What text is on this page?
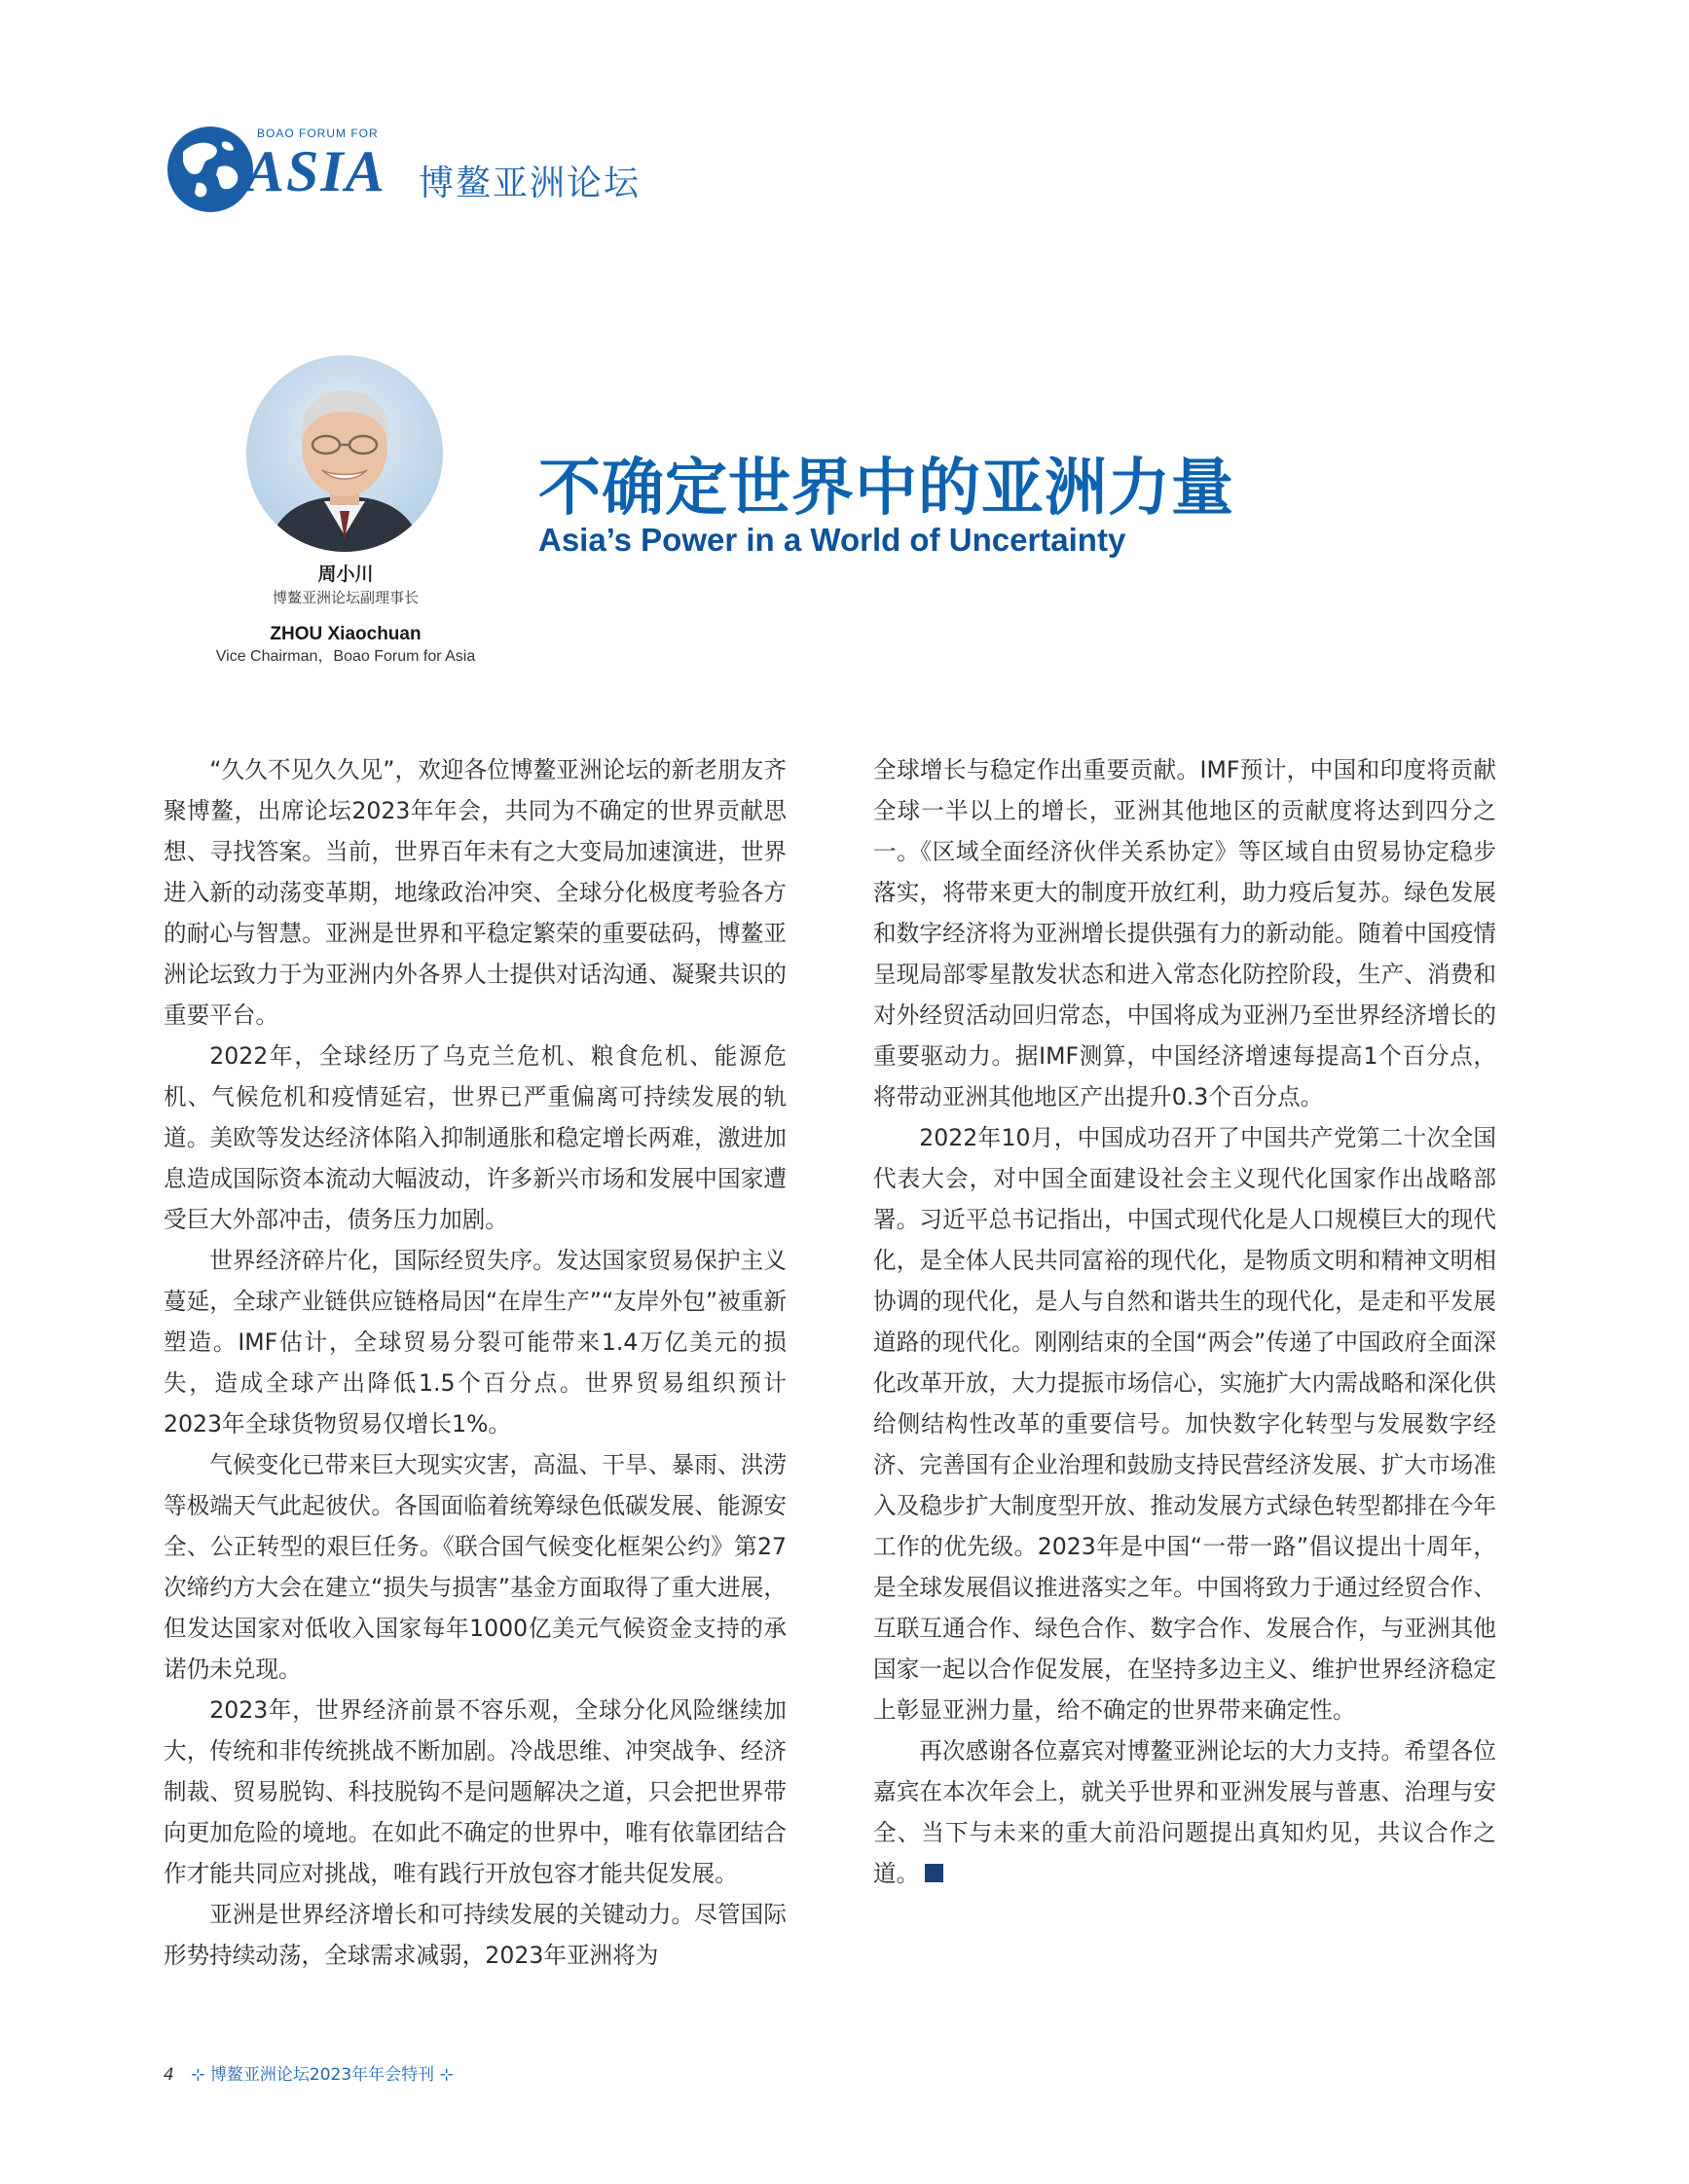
BOAO FORUM FOR
ASIA 博鳌亚洲论坛
周小川
博鳌亚洲论坛副理事长
ZHOU Xiaochuan
Vice Chairman，Boao Forum for Asia
不确定世界中的亚洲力量
Asia’s Power in a World of Uncertainty

“久久不见久久见”，欢迎各位博鳌亚洲论坛的新老朋友齐聚博鳌，出席论坛2023年年会，共同为不确定的世界贡献思想、寻找答案。当前，世界百年未有之大变局加速演进，世界进入新的动荡变革期，地缘政治冲突、全球分化极度考验各方的耐心与智慧。亚洲是世界和平稳定繁荣的重要砝码，博鳌亚洲论坛致力于为亚洲内外各界人士提供对话沟通、凝聚共识的重要平台。

2022年，全球经历了乌克兰危机、粮食危机、能源危机、气候危机和疫情延宕，世界已严重偏离可持续发展的轨道。美欧等发达经济体陷入抑制通胀和稳定增长两难，激进加息造成国际资本流动大幅波动，许多新兴市场和发展中国家遭受巨大外部冲击，债务压力加剧。

世界经济碎片化，国际经贸失序。发达国家贸易保护主义蔓延，全球产业链供应链格局因“在岸生产”“友岸外包”被重新塑造。IMF估计，全球贸易分裂可能带来1.4万亿美元的损失，造成全球产出降低1.5个百分点。世界贸易组织预计2023年全球货物贸易仅增长1%。

气候变化已带来巨大现实灾害，高温、干旱、暴雨、洪涝等极端天气此起彼伏。各国面临着统筹绿色低碳发展、能源安全、公正转型的艰巨任务。《联合国气候变化框架公约》第27次缔约方大会在建立“损失与损害”基金方面取得了重大进展，但发达国家对低收入国家每年1000亿美元气候资金支持的承诺仍未兑现。

2023年，世界经济前景不容乐观，全球分化风险继续加大，传统和非传统挑战不断加剧。冷战思维、冲突战争、经济制裁、贸易脱钩、科技脱钩不是问题解决之道，只会把世界带向更加危险的境地。在如此不确定的世界中，唯有依靠团结合作才能共同应对挑战，唯有践行开放包容才能共促发展。

亚洲是世界经济增长和可持续发展的关键动力。尽管国际形势持续动荡，全球需求减弱，2023年亚洲将为

全球增长与稳定作出重要贡献。IMF预计，中国和印度将贡献全球一半以上的增长，亚洲其他地区的贡献度将达到四分之一。《区域全面经济伙伴关系协定》等区域自由贸易协定稳步落实，将带来更大的制度开放红利，助力疫后复苏。绿色发展和数字经济将为亚洲增长提供强有力的新动能。随着中国疫情呈现局部零星散发状态和进入常态化防控阶段，生产、消费和对外经贸活动回归常态，中国将成为亚洲乃至世界经济增长的重要驱动力。据IMF测算，中国经济增速每提高1个百分点，将带动亚洲其他地区产出提升0.3个百分点。

2022年10月，中国成功召开了中国共产党第二十次全国代表大会，对中国全面建设社会主义现代化国家作出战略部署。习近平总书记指出，中国式现代化是人口规模巨大的现代化，是全体人民共同富裕的现代化，是物质文明和精神文明相协调的现代化，是人与自然和谐共生的现代化，是走和平发展道路的现代化。刚刚结束的全国“两会”传递了中国政府全面深化改革开放，大力提振市场信心，实施扩大内需战略和深化供给侧结构性改革的重要信号。加快数字化转型与发展数字经济、完善国有企业治理和鼓励支持民营经济发展、扩大市场准入及稳步扩大制度型开放、推动发展方式绿色转型都排在今年工作的优先级。2023年是中国“一带一路”倡议提出十周年，是全球发展倡议推进落实之年。中国将致力于通过经贸合作、互联互通合作、绿色合作、数字合作、发展合作，与亚洲其他国家一起以合作促发展，在坚持多边主义、维护世界经济稳定上彰显亚洲力量，给不确定的世界带来确定性。

再次感谢各位嘉宾对博鳌亚洲论坛的大力支持。希望各位嘉宾在本次年会上，就关乎世界和亚洲发展与普惠、治理与安全、当下与未来的重大前沿问题提出真知灼见，共议合作之道。

4 ⊹ 博鳌亚洲论坛2023年年会特刊 ⊹
